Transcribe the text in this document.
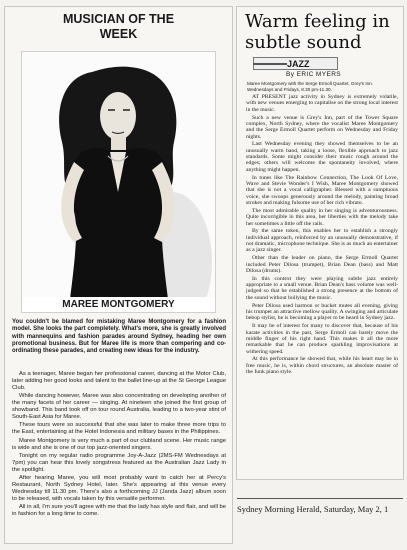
MUSICIAN OF THE
WEEK
MAREE MONTGOMERY
You couldn't be blamed for mistaking Maree Montgomery for a fashion model. She looks the part completely. What's more, she is greatly involved with mannequins and fashion parades around Sydney, heading her own promotional business. But for Maree life is more than compering and co-ordinating these parades, and creating new ideas for the industry.

As a teenager, Maree began her professional career, dancing at the Motor Club, later adding her good looks and talent to the ballet line-up at the St George League Club.

While dancing however, Maree was also concentrating on developing another of the many facets of her career — singing. At nineteen she joined the first group of showband. This band took off on tour round Australia, leading to a two-year stint of South-East Asia for Maree.

These tours were so successful that she was later to make three more trips to the East, entertaining at the Hotel Indonesia and military bases in the Philippines.

Maree Montgomery is very much a part of our clubland scene. Her music range is wide and she is one of our top jazz-oriented singers.

Tonight on my regular radio programme Joy-A-Jazz (2MS-FM Wednesdays at 7pm) you can hear this lovely songstress featured as the Australian Jazz Lady in the spotlight.

After hearing Maree, you will most probably want to catch her at Percy's Restaurant, North Sydney Hotel, later. She's appearing at this venue every Wednesday till 11.30 pm. There's also a forthcoming JJ (Janda Jazz) album soon to be released, with vocals taken by this versatile performer.

All in all, I'm sure you'll agree with me that the lady has style and flair, and will be in fashion for a long time to come.

Warm feeling in
subtle sound
JAZZ
By ERIC MYERS
Maree Montgomery with the Serge Ermoll Quartet, Grey's Inn. Wednesdays and Fridays, 8.30 pm-11.30.

AT PRESENT jazz activity in Sydney is extremely volatile, with new venues emerging to capitalise on the strong local interest in the music.

Such a new venue is Grey's Inn, part of the Tower Square complex, North Sydney, where the vocalist Maree Montgomery and the Serge Ermoll Quartet perform on Wednesday and Friday nights.

Last Wednesday evening they showed themselves to be an unusually warm band, taking a loose, flexible approach to jazz standards. Some might consider their music rough around the edges; others will welcome the spontaneity involved, where anything might happen.

In tunes like The Rainbow Connection, The Look Of Love, Wave and Stevie Wonder's I Wish, Maree Montgomery showed that she is not a vocal calligrapher. Blessed with a sumptuous voice, she swoops generously around the melody, painting broad strokes and making fulsome use of her rich vibrato.

The most admirable quality in her singing is adventurousness. Quite incorrigible in this area, her liberties with the melody take her sometimes a little off the rails.

By the same token, this enables her to establish a strongly individual approach, reinforced by an unusually demonstrative, if not dramatic, microphone technique. She is as much an entertainer as a jazz singer.

Other than the leader on piano, the Serge Ermoll Quartet included Peter Dilosa (trumpet), Brian Dean (bass) and Matt Dilosa (drums).

In this context they were playing subtle jazz entirely appropriate to a small venue. Brian Dean's bass volume was well-judged so that he established a strong presence at the bottom of the sound without bullying the music.

Peter Dilosa used harmon or bucket mutes all evening, giving his trumpet an attractive mellow quality. A swinging and articulate bebop stylist, he is becoming a player to be heard in Sydney jazz.

It may be of interest for many to discover that, because of his karate activities in the past, Serge Ermoll can barely move the middle finger of his right hand. This makes it all the more remarkable that he can produce sparkling improvisations at withering speed.

At this performance he showed that, while his heart may be in free music, he is, within chord structures, an absolute master of the funk piano style.

Sydney Morning Herald, Saturday, May 2, 1
